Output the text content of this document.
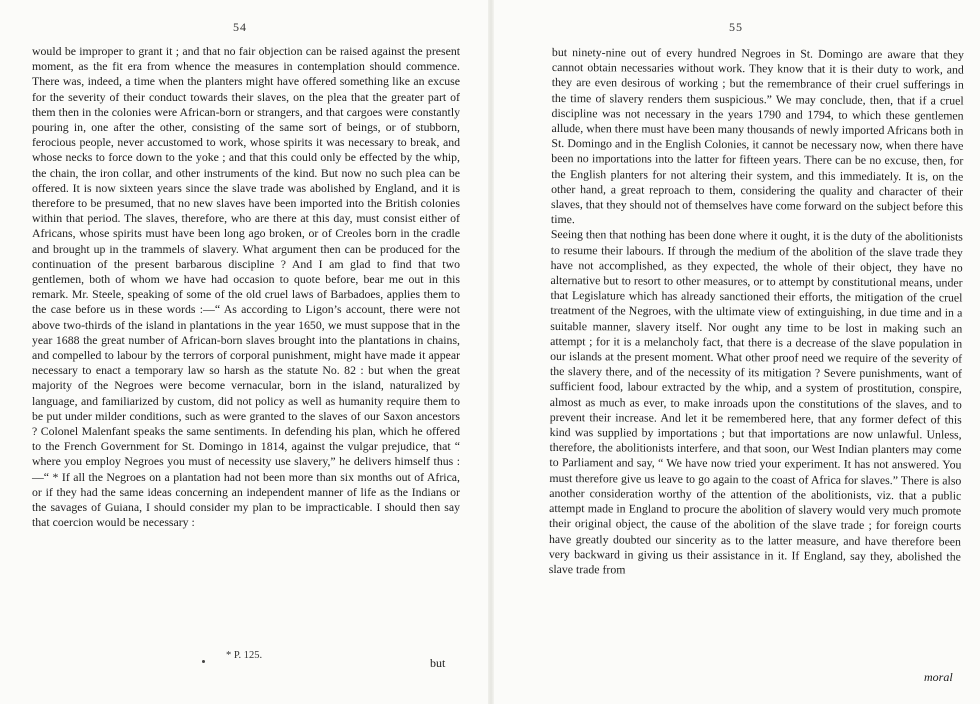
54

would be improper to grant it ; and that no fair objection can be raised against the present moment, as the fit era from whence the measures in contemplation should commence. There was, indeed, a time when the planters might have offered something like an excuse for the severity of their conduct towards their slaves, on the plea that the greater part of them then in the colonies were African-born or strangers, and that cargoes were constantly pouring in, one after the other, consisting of the same sort of beings, or of stubborn, ferocious people, never accustomed to work, whose spirits it was necessary to break, and whose necks to force down to the yoke ; and that this could only be effected by the whip, the chain, the iron collar, and other instruments of the kind. But now no such plea can be offered. It is now sixteen years since the slave trade was abolished by England, and it is therefore to be presumed, that no new slaves have been imported into the British colonies within that period. The slaves, therefore, who are there at this day, must consist either of Africans, whose spirits must have been long ago broken, or of Creoles born in the cradle and brought up in the trammels of slavery. What argument then can be produced for the continuation of the present barbarous discipline ? And I am glad to find that two gentlemen, both of whom we have had occasion to quote before, bear me out in this remark. Mr. Steele, speaking of some of the old cruel laws of Barbadoes, applies them to the case before us in these words :—“ As according to Ligon’s account, there were not above two-thirds of the island in plantations in the year 1650, we must suppose that in the year 1688 the great number of African-born slaves brought into the plantations in chains, and compelled to labour by the terrors of corporal punishment, might have made it appear necessary to enact a temporary law so harsh as the statute No. 82 : but when the great majority of the Negroes were become vernacular, born in the island, naturalized by language, and familiarized by custom, did not policy as well as humanity require them to be put under milder conditions, such as were granted to the slaves of our Saxon ancestors ? Colonel Malenfant speaks the same sentiments. In defending his plan, which he offered to the French Government for St. Domingo in 1814, against the vulgar prejudice, that “ where you employ Negroes you must of necessity use slavery,” he delivers himself thus :—“ * If all the Negroes on a plantation had not been more than six months out of Africa, or if they had the same ideas concerning an independent manner of life as the Indians or the savages of Guiana, I should consider my plan to be impracticable. I should then say that coercion would be necessary :

* P. 125.
but
55

but ninety-nine out of every hundred Negroes in St. Domingo are aware that they cannot obtain necessaries without work. They know that it is their duty to work, and they are even desirous of working ; but the remembrance of their cruel sufferings in the time of slavery renders them suspicious.” We may conclude, then, that if a cruel discipline was not necessary in the years 1790 and 1794, to which these gentlemen allude, when there must have been many thousands of newly imported Africans both in St. Domingo and in the English Colonies, it cannot be necessary now, when there have been no importations into the latter for fifteen years. There can be no excuse, then, for the English planters for not altering their system, and this immediately. It is, on the other hand, a great reproach to them, considering the quality and character of their slaves, that they should not of themselves have come forward on the subject before this time.
Seeing then that nothing has been done where it ought, it is the duty of the abolitionists to resume their labours. If through the medium of the abolition of the slave trade they have not accomplished, as they expected, the whole of their object, they have no alternative but to resort to other measures, or to attempt by constitutional means, under that Legislature which has already sanctioned their efforts, the mitigation of the cruel treatment of the Negroes, with the ultimate view of extinguishing, in due time and in a suitable manner, slavery itself. Nor ought any time to be lost in making such an attempt ; for it is a melancholy fact, that there is a decrease of the slave population in our islands at the present moment. What other proof need we require of the severity of the slavery there, and of the necessity of its mitigation ? Severe punishments, want of sufficient food, labour extracted by the whip, and a system of prostitution, conspire, almost as much as ever, to make inroads upon the constitutions of the slaves, and to prevent their increase. And let it be remembered here, that any former defect of this kind was supplied by importations ; but that importations are now unlawful. Unless, therefore, the abolitionists interfere, and that soon, our West Indian planters may come to Parliament and say, “ We have now tried your experiment. It has not answered. You must therefore give us leave to go again to the coast of Africa for slaves.” There is also another consideration worthy of the attention of the abolitionists, viz. that a public attempt made in England to procure the abolition of slavery would very much promote their original object, the cause of the abolition of the slave trade ; for foreign courts have greatly doubted our sincerity as to the latter measure, and have therefore been very backward in giving us their assistance in it. If England, say they, abolished the slave trade from

moral
